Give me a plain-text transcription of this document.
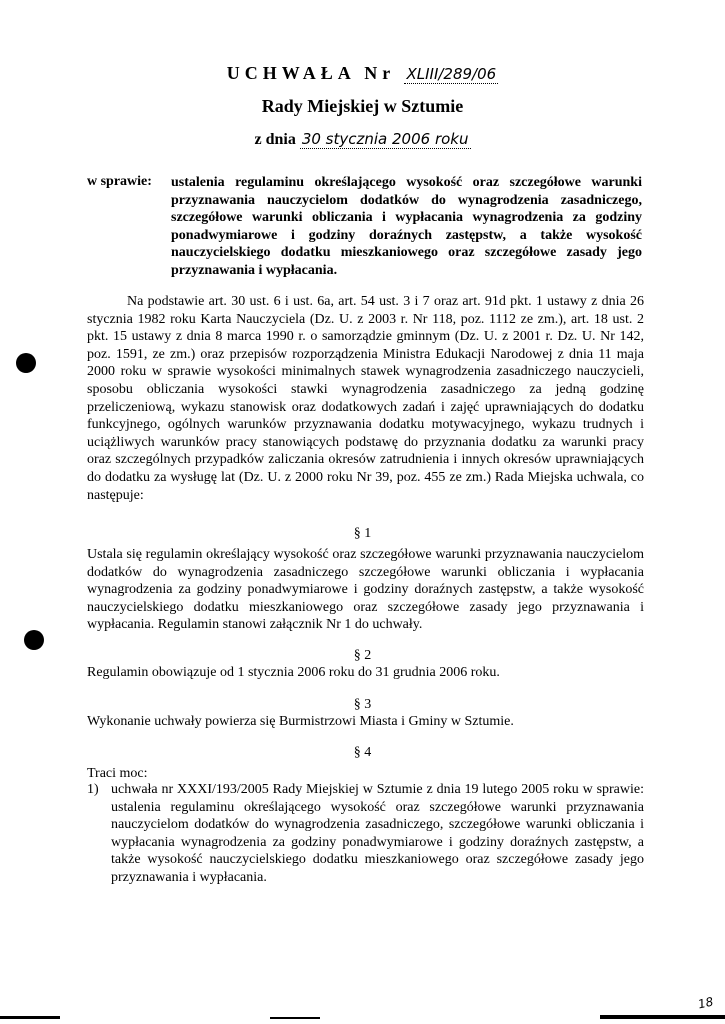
UCHWAŁA Nr XLIII/289/06
Rady Miejskiej w Sztumie
z dnia 30 stycznia 2006 roku
w sprawie: ustalenia regulaminu określającego wysokość oraz szczegółowe warunki przyznawania nauczycielom dodatków do wynagrodzenia zasadniczego, szczegółowe warunki obliczania i wypłacania wynagrodzenia za godziny ponadwymiarowe i godziny doraźnych zastępstw, a także wysokość nauczycielskiego dodatku mieszkaniowego oraz szczegółowe zasady jego przyznawania i wypłacania.
Na podstawie art. 30 ust. 6 i ust. 6a, art. 54 ust. 3 i 7 oraz art. 91d pkt. 1 ustawy z dnia 26 stycznia 1982 roku Karta Nauczyciela (Dz. U. z 2003 r. Nr 118, poz. 1112 ze zm.), art. 18 ust. 2 pkt. 15 ustawy z dnia 8 marca 1990 r. o samorządzie gminnym (Dz. U. z 2001 r. Dz. U. Nr 142, poz. 1591, ze zm.) oraz przepisów rozporządzenia Ministra Edukacji Narodowej z dnia 11 maja 2000 roku w sprawie wysokości minimalnych stawek wynagrodzenia zasadniczego nauczycieli, sposobu obliczania wysokości stawki wynagrodzenia zasadniczego za jedną godzinę przeliczeniową, wykazu stanowisk oraz dodatkowych zadań i zajęć uprawniających do dodatku funkcyjnego, ogólnych warunków przyznawania dodatku motywacyjnego, wykazu trudnych i uciążliwych warunków pracy stanowiących podstawę do przyznania dodatku za warunki pracy oraz szczególnych przypadków zaliczania okresów zatrudnienia i innych okresów uprawniających do dodatku za wysługę lat (Dz. U. z 2000 roku Nr 39, poz. 455 ze zm.) Rada Miejska uchwala, co następuje:
§ 1
Ustala się regulamin określający wysokość oraz szczegółowe warunki przyznawania nauczycielom dodatków do wynagrodzenia zasadniczego szczegółowe warunki obliczania i wypłacania wynagrodzenia za godziny ponadwymiarowe i godziny doraźnych zastępstw, a także wysokość nauczycielskiego dodatku mieszkaniowego oraz szczegółowe zasady jego przyznawania i wypłacania. Regulamin stanowi załącznik Nr 1 do uchwały.
§ 2
Regulamin obowiązuje od 1 stycznia 2006 roku do 31 grudnia 2006 roku.
§ 3
Wykonanie uchwały powierza się Burmistrzowi Miasta i Gminy w Sztumie.
§ 4
Traci moc:
1) uchwała nr XXXI/193/2005 Rady Miejskiej w Sztumie z dnia 19 lutego 2005 roku w sprawie: ustalenia regulaminu określającego wysokość oraz szczegółowe warunki przyznawania nauczycielom dodatków do wynagrodzenia zasadniczego, szczegółowe warunki obliczania i wypłacania wynagrodzenia za godziny ponadwymiarowe i godziny doraźnych zastępstw, a także wysokość nauczycielskiego dodatku mieszkaniowego oraz szczegółowe zasady jego przyznawania i wypłacania.
18
